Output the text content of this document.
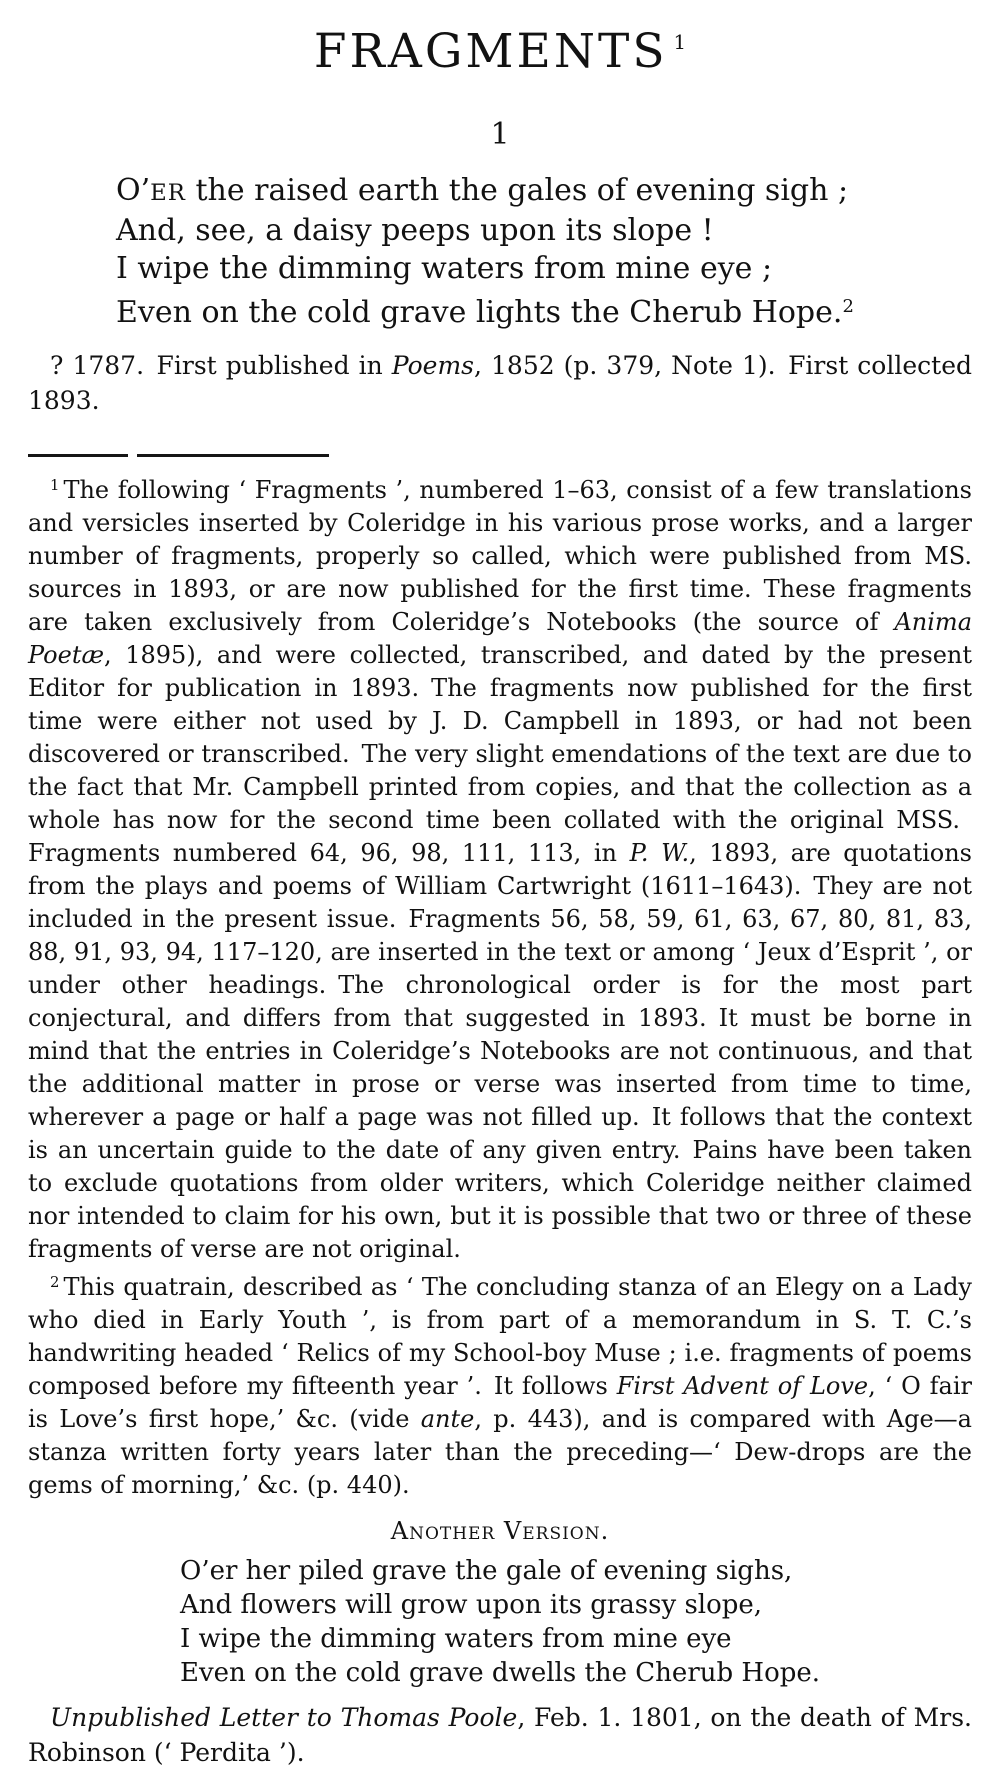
FRAGMENTS $^1$
1
O’ER the raised earth the gales of evening sigh ;
And, see, a daisy peeps upon its slope !
I wipe the dimming waters from mine eye ;
Even on the cold grave lights the Cherub Hope.$^2$

? 1787. First published in Poems, 1852 (p. 379, Note 1). First collected 1893.

$^1$ The following ‘ Fragments ’, numbered 1–63, consist of a few translations and versicles inserted by Coleridge in his various prose works, and a larger number of fragments, properly so called, which were published from MS. sources in 1893, or are now published for the first time. These fragments are taken exclusively from Coleridge’s Notebooks (the source of Anima Poetæ, 1895), and were collected, transcribed, and dated by the present Editor for publication in 1893. The fragments now published for the first time were either not used by J. D. Campbell in 1893, or had not been discovered or transcribed. The very slight emendations of the text are due to the fact that Mr. Campbell printed from copies, and that the collection as a whole has now for the second time been collated with the original MSS. Fragments numbered 64, 96, 98, 111, 113, in P. W., 1893, are quotations from the plays and poems of William Cartwright (1611–1643). They are not included in the present issue. Fragments 56, 58, 59, 61, 63, 67, 80, 81, 83, 88, 91, 93, 94, 117–120, are inserted in the text or among ‘ Jeux d’Esprit ’, or under other headings. The chronological order is for the most part conjectural, and differs from that suggested in 1893. It must be borne in mind that the entries in Coleridge’s Notebooks are not continuous, and that the additional matter in prose or verse was inserted from time to time, wherever a page or half a page was not filled up. It follows that the context is an uncertain guide to the date of any given entry. Pains have been taken to exclude quotations from older writers, which Coleridge neither claimed nor intended to claim for his own, but it is possible that two or three of these fragments of verse are not original.

$^2$ This quatrain, described as ‘ The concluding stanza of an Elegy on a Lady who died in Early Youth ’, is from part of a memorandum in S. T. C.’s handwriting headed ‘ Relics of my School-boy Muse ; i.e. fragments of poems composed before my fifteenth year ’. It follows First Advent of Love, ‘ O fair is Love’s first hope,’ &c. (vide ante, p. 443), and is compared with Age—a stanza written forty years later than the preceding—‘ Dew-drops are the gems of morning,’ &c. (p. 440).

Another Version.
O’er her piled grave the gale of evening sighs,
And flowers will grow upon its grassy slope,
I wipe the dimming waters from mine eye
Even on the cold grave dwells the Cherub Hope.

Unpublished Letter to Thomas Poole, Feb. 1. 1801, on the death of Mrs. Robinson (‘ Perdita ’).
